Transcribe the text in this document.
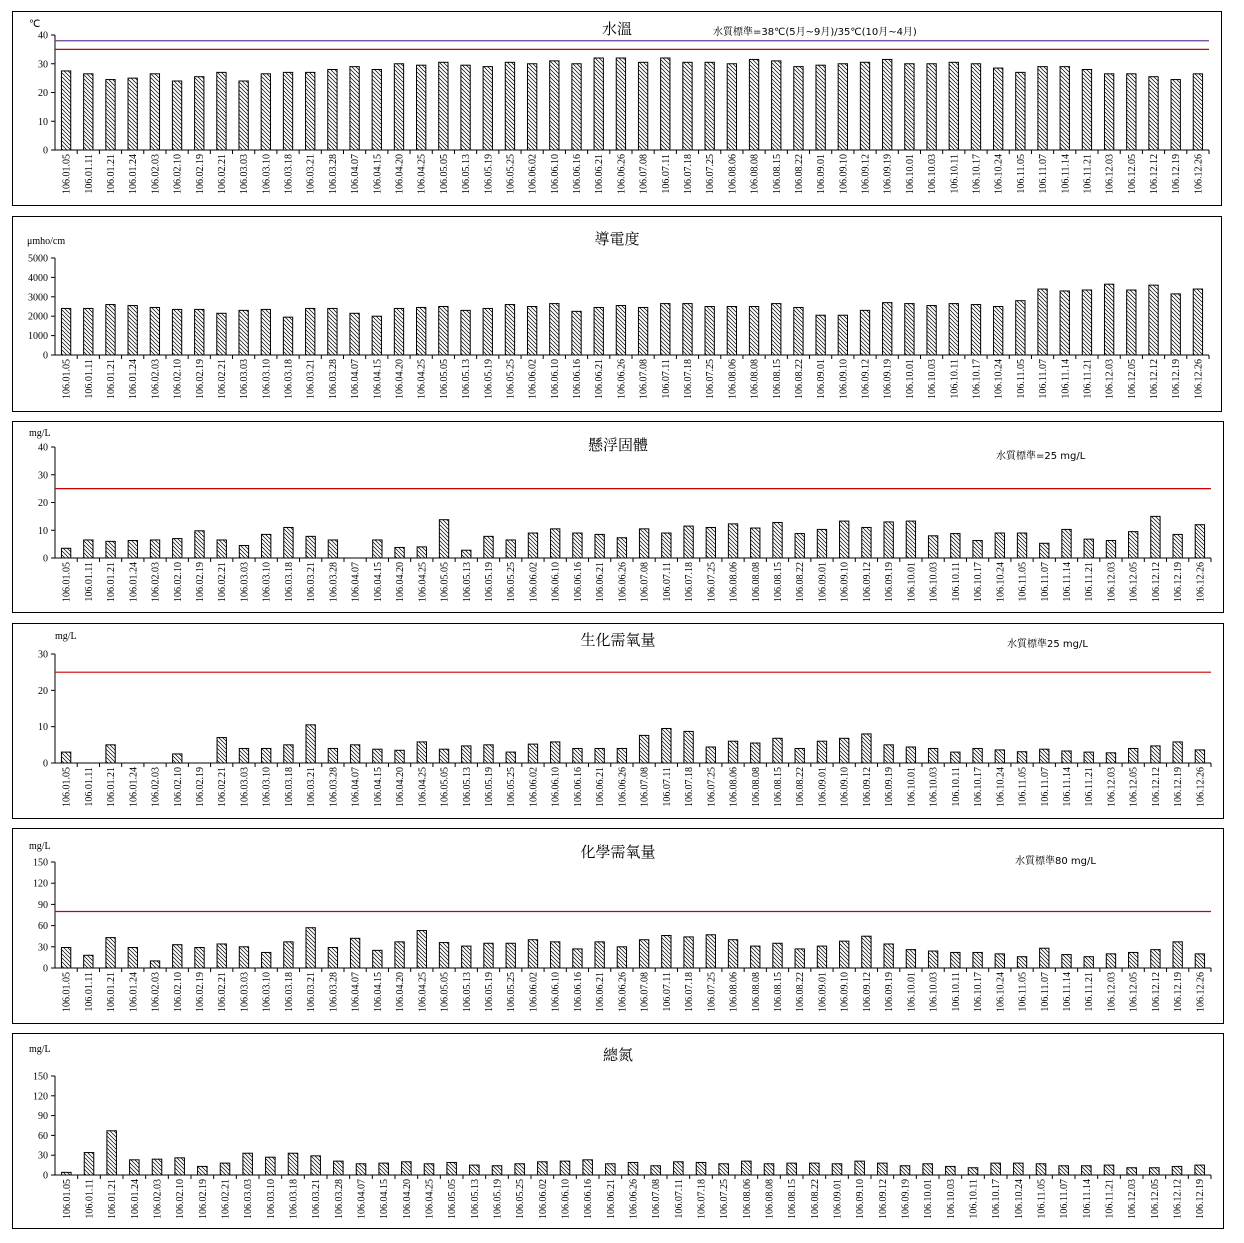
水溫
℃
水質標準=38℃(5月~9月)/35℃(10月~4月)
0
10
20
30
40
106.01.05 106.01.11 106.01.21 106.01.24 106.02.03 106.02.10 106.02.19 106.02.21 106.03.03 106.03.10 106.03.18 106.03.21 106.03.28 106.04.07 106.04.15 106.04.20 106.04.25 106.05.05 106.05.13 106.05.19 106.05.25 106.06.02 106.06.10 106.06.16 106.06.21 106.06.26 106.07.08 106.07.11 106.07.18 106.07.25 106.08.06 106.08.08 106.08.15 106.08.22 106.09.01 106.09.10 106.09.12 106.09.19 106.10.01 106.10.03 106.10.11 106.10.17 106.10.24 106.11.05 106.11.07 106.11.14 106.11.21 106.12.03 106.12.05 106.12.12 106.12.19 106.12.26
導電度
μmho/cm
0
1000
2000
3000
4000
5000
106.01.05 106.01.11 106.01.21 106.01.24 106.02.03 106.02.10 106.02.19 106.02.21 106.03.03 106.03.10 106.03.18 106.03.21 106.03.28 106.04.07 106.04.15 106.04.20 106.04.25 106.05.05 106.05.13 106.05.19 106.05.25 106.06.02 106.06.10 106.06.16 106.06.21 106.06.26 106.07.08 106.07.11 106.07.18 106.07.25 106.08.06 106.08.08 106.08.15 106.08.22 106.09.01 106.09.10 106.09.12 106.09.19 106.10.01 106.10.03 106.10.11 106.10.17 106.10.24 106.11.05 106.11.07 106.11.14 106.11.21 106.12.03 106.12.05 106.12.12 106.12.19 106.12.26
懸浮固體
mg/L
水質標準=25 mg/L
0
10
20
30
40
106.01.05 106.01.11 106.01.21 106.01.24 106.02.03 106.02.10 106.02.19 106.02.21 106.03.03 106.03.10 106.03.18 106.03.21 106.03.28 106.04.07 106.04.15 106.04.20 106.04.25 106.05.05 106.05.13 106.05.19 106.05.25 106.06.02 106.06.10 106.06.16 106.06.21 106.06.26 106.07.08 106.07.11 106.07.18 106.07.25 106.08.06 106.08.08 106.08.15 106.08.22 106.09.01 106.09.10 106.09.12 106.09.19 106.10.01 106.10.03 106.10.11 106.10.17 106.10.24 106.11.05 106.11.07 106.11.14 106.11.21 106.12.03 106.12.05 106.12.12 106.12.19 106.12.26
生化需氧量
mg/L
水質標準25 mg/L
0
10
20
30
106.01.05 106.01.11 106.01.21 106.01.24 106.02.03 106.02.10 106.02.19 106.02.21 106.03.03 106.03.10 106.03.18 106.03.21 106.03.28 106.04.07 106.04.15 106.04.20 106.04.25 106.05.05 106.05.13 106.05.19 106.05.25 106.06.02 106.06.10 106.06.16 106.06.21 106.06.26 106.07.08 106.07.11 106.07.18 106.07.25 106.08.06 106.08.08 106.08.15 106.08.22 106.09.01 106.09.10 106.09.12 106.09.19 106.10.01 106.10.03 106.10.11 106.10.17 106.10.24 106.11.05 106.11.07 106.11.14 106.11.21 106.12.03 106.12.05 106.12.12 106.12.19 106.12.26
化學需氧量
mg/L
水質標準80 mg/L
0
30
60
90
120
150
106.01.05 106.01.11 106.01.21 106.01.24 106.02.03 106.02.10 106.02.19 106.02.21 106.03.03 106.03.10 106.03.18 106.03.21 106.03.28 106.04.07 106.04.15 106.04.20 106.04.25 106.05.05 106.05.13 106.05.19 106.05.25 106.06.02 106.06.10 106.06.16 106.06.21 106.06.26 106.07.08 106.07.11 106.07.18 106.07.25 106.08.06 106.08.08 106.08.15 106.08.22 106.09.01 106.09.10 106.09.12 106.09.19 106.10.01 106.10.03 106.10.11 106.10.17 106.10.24 106.11.05 106.11.07 106.11.14 106.11.21 106.12.03 106.12.05 106.12.12 106.12.19 106.12.26
總氮
mg/L
0
30
60
90
120
150
106.01.05 106.01.11 106.01.21 106.01.24 106.02.03 106.02.10 106.02.19 106.02.21 106.03.03 106.03.10 106.03.18 106.03.21 106.03.28 106.04.07 106.04.15 106.04.20 106.04.25 106.05.05 106.05.13 106.05.19 106.05.25 106.06.02 106.06.10 106.06.16 106.06.21 106.06.26 106.07.08 106.07.11 106.07.18 106.07.25 106.08.06 106.08.08 106.08.15 106.08.22 106.09.01 106.09.10 106.09.12 106.09.19 106.10.01 106.10.03 106.10.11 106.10.17 106.10.24 106.11.05 106.11.07 106.11.14 106.11.21 106.12.03 106.12.05 106.12.12 106.12.19
